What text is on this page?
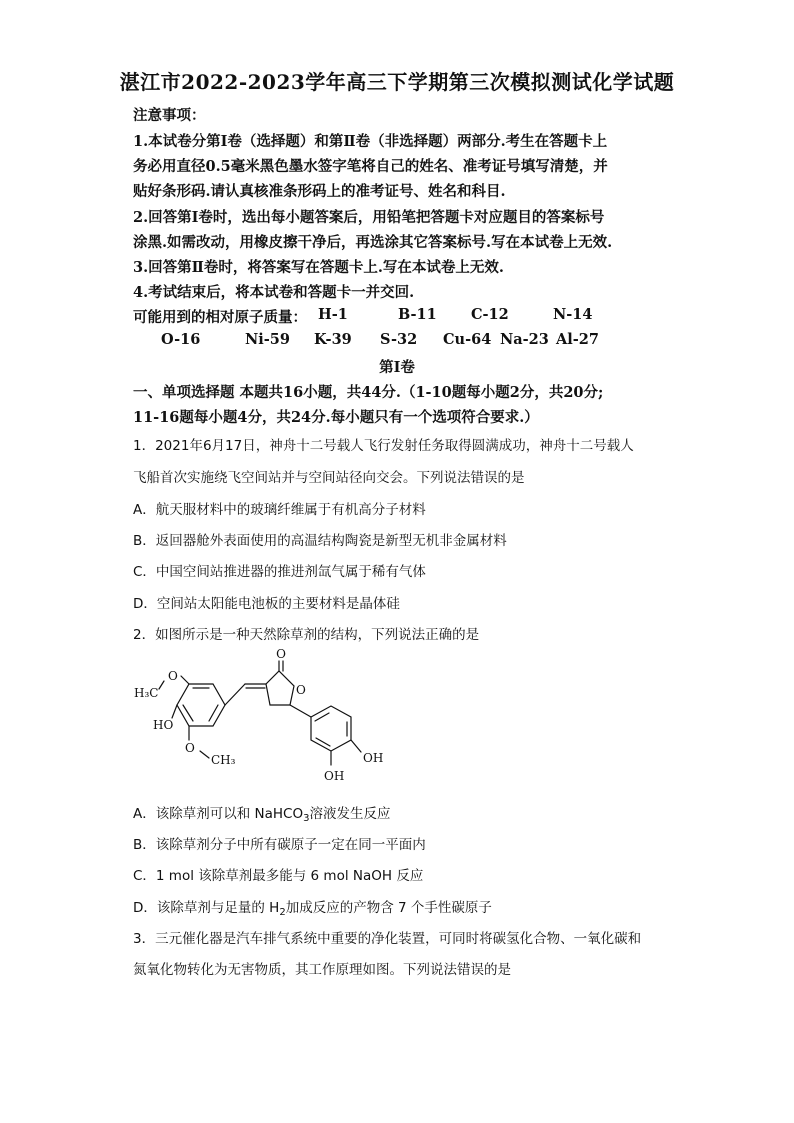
湛江市2022-2023学年高三下学期第三次模拟测试化学试题
注意事项：
1.本试卷分第Ⅰ卷（选择题）和第Ⅱ卷（非选择题）两部分.考生在答题卡上
务必用直径0.5毫米黑色墨水签字笔将自己的姓名、准考证号填写清楚，并
贴好条形码.请认真核准条形码上的准考证号、姓名和科目.
2.回答第Ⅰ卷时，选出每小题答案后，用铅笔把答题卡对应题目的答案标号
涂黑.如需改动，用橡皮擦干净后，再选涂其它答案标号.写在本试卷上无效.
3.回答第Ⅱ卷时，将答案写在答题卡上.写在本试卷上无效.
4.考试结束后，将本试卷和答题卡一并交回.
可能用到的相对原子质量： H-1	B-11 C-12	N-14
O-16	Ni-59 K-39 S-32 Cu-64 Na-23 Al-27
第Ⅰ卷
一、单项选择题 本题共16小题，共44分.（1-10题每小题2分，共20分;
11-16题每小题4分，共24分.每小题只有一个选项符合要求.）
1．2021年6月17日，神舟十二号载人飞行发射任务取得圆满成功，神舟十二号载人
飞船首次实施绕飞空间站并与空间站径向交会。下列说法错误的是
A．航天服材料中的玻璃纤维属于有机高分子材料
B．返回器舱外表面使用的高温结构陶瓷是新型无机非金属材料
C．中国空间站推进器的推进剂氙气属于稀有气体
D．空间站太阳能电池板的主要材料是晶体硅
2．如图所示是一种天然除草剂的结构，下列说法正确的是
O
O
H₃C
O
HO
O
CH₃	OH
OH
A．该除草剂可以和 NaHCO$_3$溶液发生反应
B．该除草剂分子中所有碳原子一定在同一平面内
C．1 mol 该除草剂最多能与 6 mol NaOH 反应
D．该除草剂与足量的 $H_2$加成反应的产物含 7 个手性碳原子
3．三元催化器是汽车排气系统中重要的净化装置，可同时将碳氢化合物、一氧化碳和
氮氧化物转化为无害物质，其工作原理如图。下列说法错误的是
